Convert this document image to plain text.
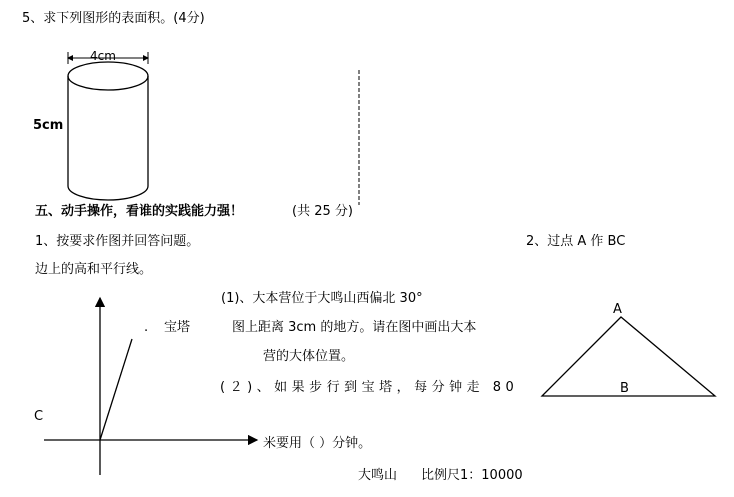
5、求下列图形的表面积。(4分)
4cm
5cm
五、动手操作，看谁的实践能力强！	(共 25 分)
1、按要求作图并回答问题。	2、过点 A 作 BC
边上的高和平行线。
(1)、大本营位于大鸣山西偏北 30°
. 宝塔	图上距离 3cm 的地方。请在图中画出大本
营的大体位置。
(２)、如果步行到宝塔，每分钟走 80
C
米要用（ ）分钟。
大鸣山 比例尺1：10000
A
B
